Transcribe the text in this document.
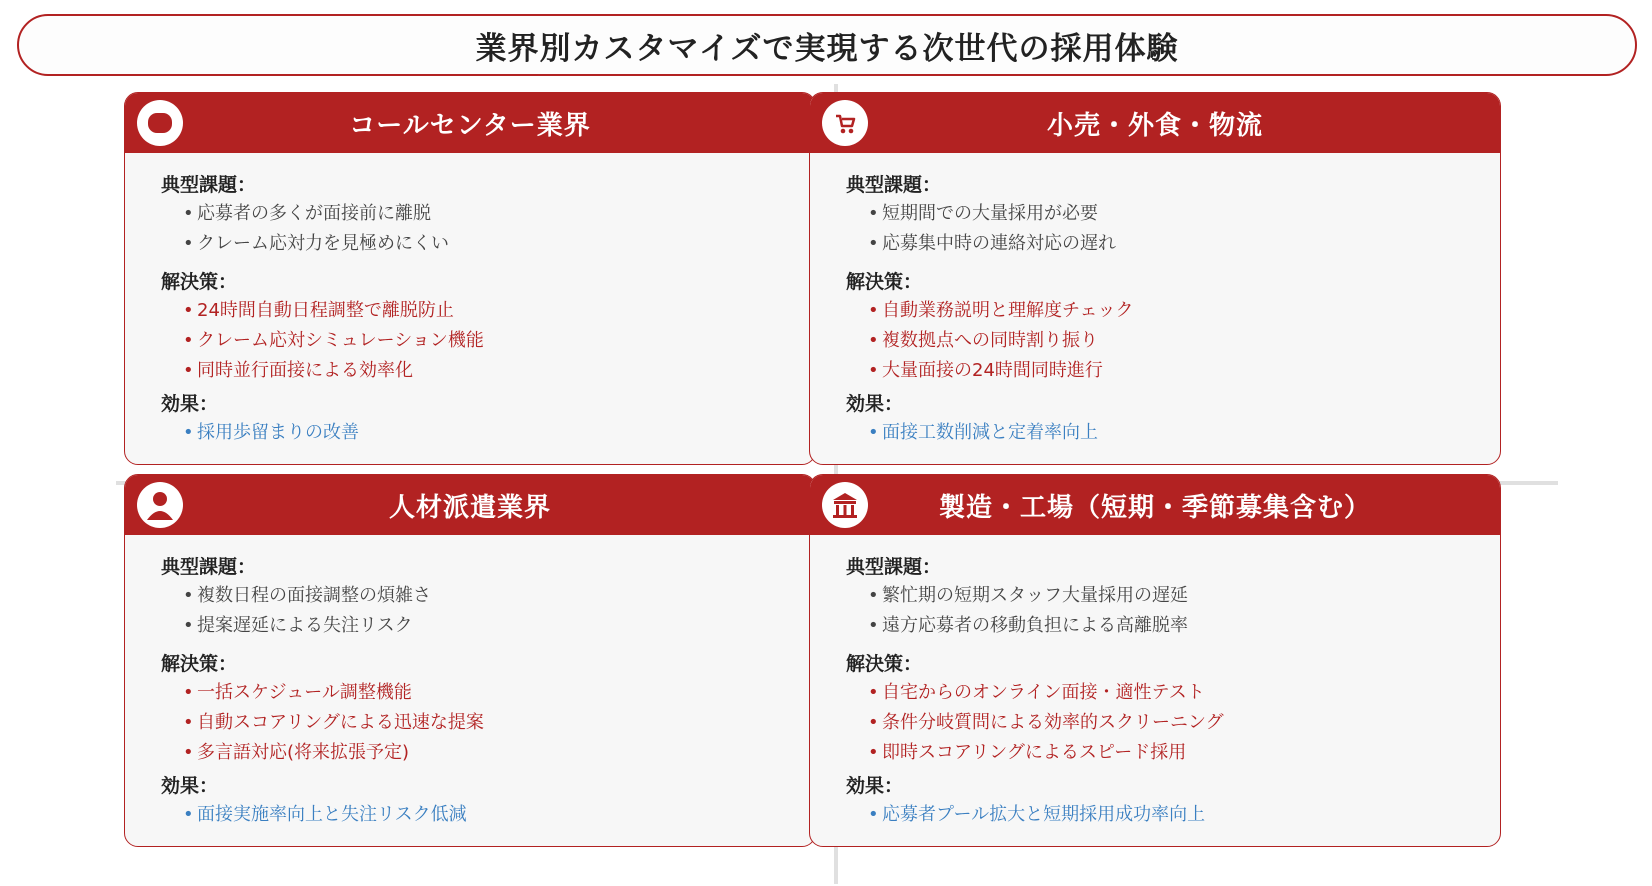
業界別カスタマイズで実現する次世代の採用体験
コールセンター業界
典型課題：
• 応募者の多くが面接前に離脱
• クレーム応対力を見極めにくい
解決策：
• 24時間自動日程調整で離脱防止
• クレーム応対シミュレーション機能
• 同時並行面接による効率化
効果：
• 採用歩留まりの改善
小売・外食・物流
典型課題：
• 短期間での大量採用が必要
• 応募集中時の連絡対応の遅れ
解決策：
• 自動業務説明と理解度チェック
• 複数拠点への同時割り振り
• 大量面接の24時間同時進行
効果：
• 面接工数削減と定着率向上
人材派遣業界
典型課題：
• 複数日程の面接調整の煩雑さ
• 提案遅延による失注リスク
解決策：
• 一括スケジュール調整機能
• 自動スコアリングによる迅速な提案
• 多言語対応(将来拡張予定)
効果：
• 面接実施率向上と失注リスク低減
製造・工場（短期・季節募集含む）
典型課題：
• 繁忙期の短期スタッフ大量採用の遅延
• 遠方応募者の移動負担による高離脱率
解決策：
• 自宅からのオンライン面接・適性テスト
• 条件分岐質問による効率的スクリーニング
• 即時スコアリングによるスピード採用
効果：
• 応募者プール拡大と短期採用成功率向上
